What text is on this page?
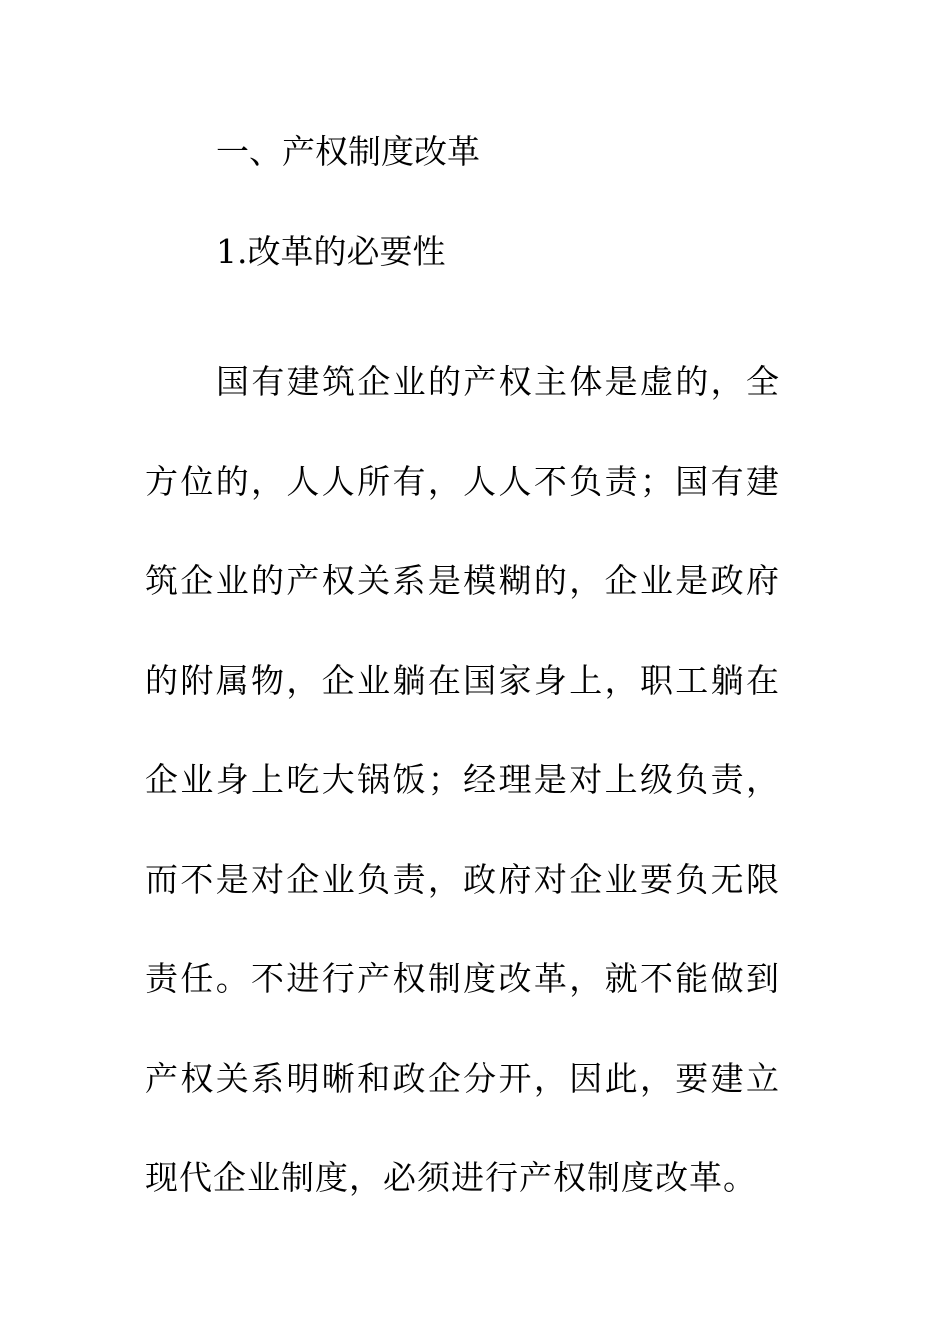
一、产权制度改革
1.改革的必要性
国有建筑企业的产权主体是虚的，全方位的，人人所有，人人不负责；国有建筑企业的产权关系是模糊的，企业是政府的附属物，企业躺在国家身上，职工躺在企业身上吃大锅饭；经理是对上级负责，而不是对企业负责，政府对企业要负无限责任。不进行产权制度改革，就不能做到产权关系明晰和政企分开，因此，要建立现代企业制度，必须进行产权制度改革。
